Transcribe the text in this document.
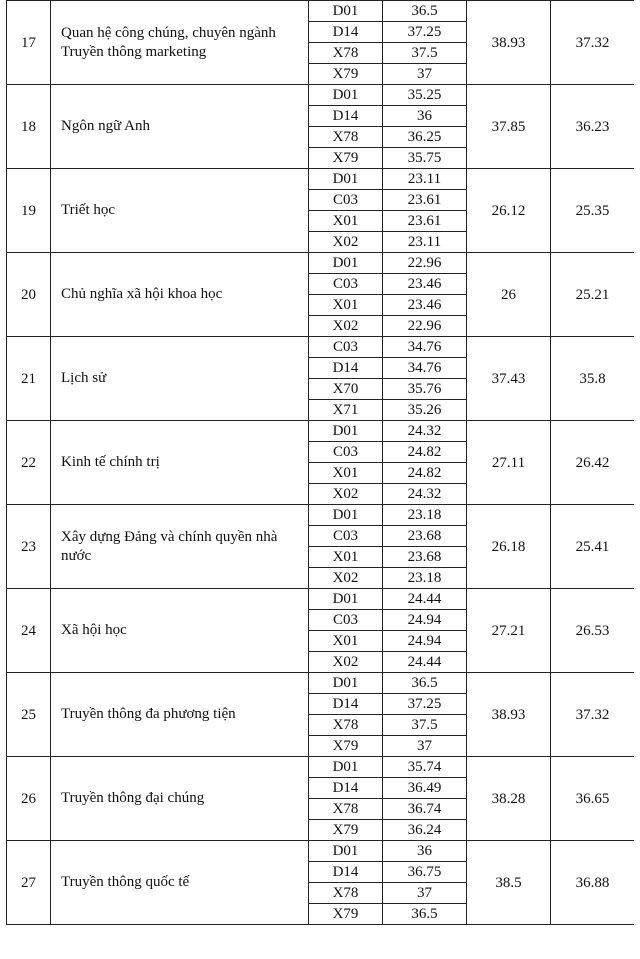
17	Quan hệ công chúng, chuyên ngành Truyền thông marketing	D01	36.5	38.93	37.32
		D14	37.25		
		X78	37.5		
		X79	37		
18	Ngôn ngữ Anh	D01	35.25	37.85	36.23
		D14	36		
		X78	36.25		
		X79	35.75		
19	Triết học	D01	23.11	26.12	25.35
		C03	23.61		
		X01	23.61		
		X02	23.11		
20	Chủ nghĩa xã hội khoa học	D01	22.96	26	25.21
		C03	23.46		
		X01	23.46		
		X02	22.96		
21	Lịch sử	C03	34.76	37.43	35.8
		D14	34.76		
		X70	35.76		
		X71	35.26		
22	Kinh tế chính trị	D01	24.32	27.11	26.42
		C03	24.82		
		X01	24.82		
		X02	24.32		
23	Xây dựng Đảng và chính quyền nhà nước	D01	23.18	26.18	25.41
		C03	23.68		
		X01	23.68		
		X02	23.18		
24	Xã hội học	D01	24.44	27.21	26.53
		C03	24.94		
		X01	24.94		
		X02	24.44		
25	Truyền thông đa phương tiện	D01	36.5	38.93	37.32
		D14	37.25		
		X78	37.5		
		X79	37		
26	Truyền thông đại chúng	D01	35.74	38.28	36.65
		D14	36.49		
		X78	36.74		
		X79	36.24		
27	Truyền thông quốc tế	D01	36	38.5	36.88
		D14	36.75		
		X78	37		
		X79	36.5		
